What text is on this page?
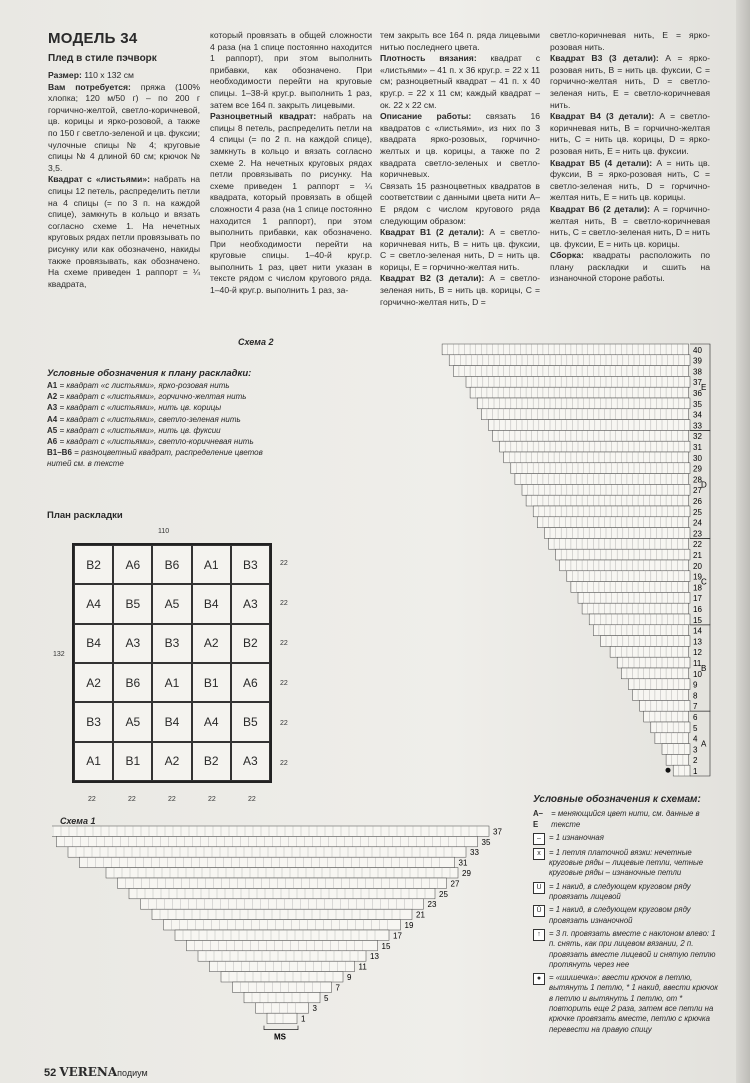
МОДЕЛЬ 34

Плед в стиле пэчворк

Размер: 110 х 132 см

Вам потребуется: пряжа (100% хлопка; 120 м/50 г) – по 200 г горчично-желтой, светло-коричневой, цв. корицы и ярко-розовой, а также по 150 г светло-зеленой и цв. фуксии; чулочные спицы № 4; круговые спицы № 4 длиной 60 см; крючок № 3,5.

Квадрат с «листьями»: набрать на спицы 12 петель, распределить петли на 4 спицы (= по 3 п. на каждой спице), замкнуть в кольцо и вязать согласно схеме 1. На нечетных круговых рядах петли провязывать по рисунку или как обозначено, накиды также провязывать, как обозначено. На схеме приведен 1 раппорт = ¼ квадрата,

который провязать в общей сложности 4 раза (на 1 спице постоянно находится 1 раппорт), при этом выполнить прибавки, как обозначено. При необходимости перейти на круговые спицы. 1–38-й круг.р. выполнить 1 раз, затем все 164 п. закрыть лицевыми.

Разноцветный квадрат: набрать на спицы 8 петель, распределить петли на 4 спицы (= по 2 п. на каждой спице), замкнуть в кольцо и вязать согласно схеме 2. На нечетных круговых рядах петли провязывать по рисунку. На схеме приведен 1 раппорт = ¼ квадрата, который провязать в общей сложности 4 раза (на 1 спице постоянно находится 1 раппорт), при этом выполнить прибавки, как обозначено. При необходимости перейти на круговые спицы. 1–40-й круг.р. выполнить 1 раз, цвет нити указан в тексте рядом с числом кругового ряда. 1–40-й круг.р. выполнить 1 раз, за-

тем закрыть все 164 п. ряда лицевыми нитью последнего цвета.

Плотность вязания: квадрат с «листьями» – 41 п. х 36 круг.р. = 22 х 11 см; разноцветный квадрат – 41 п. х 40 круг.р. = 22 х 11 см; каждый квадрат – ок. 22 х 22 см.

Описание работы: связать 16 квадратов с «листьями», из них по 3 квадрата ярко-розовых, горчично-желтых и цв. корицы, а также по 2 квадрата светло-зеленых и светло-коричневых.

Связать 15 разноцветных квадратов в соответствии с данными цвета нити А–Е рядом с числом кругового ряда следующим образом:

Квадрат В1 (2 детали): А = светло-коричневая нить, В = нить цв. фуксии, С = светло-зеленая нить, D = нить цв. корицы, Е = горчично-желтая нить.

Квадрат В2 (3 детали): А = светло-зеленая нить, В = нить цв. корицы, С = горчично-желтая нить, D =

светло-коричневая нить, Е = ярко-розовая нить.

Квадрат В3 (3 детали): А = ярко-розовая нить, В = нить цв. фуксии, С = горчично-желтая нить, D = светло-зеленая нить, Е = светло-коричневая нить.

Квадрат В4 (3 детали): А = светло-коричневая нить, В = горчично-желтая нить, С = нить цв. корицы, D = ярко-розовая нить, Е = нить цв. фуксии.

Квадрат В5 (4 детали): А = нить цв. фуксии, В = ярко-розовая нить, С = светло-зеленая нить, D = горчично-желтая нить, Е = нить цв. корицы.

Квадрат В6 (2 детали): А = горчично-желтая нить, В = светло-коричневая нить, С = светло-зеленая нить, D = нить цв. фуксии, Е = нить цв. корицы.

Сборка: квадраты расположить по плану раскладки и сшить на изнаночной стороне работы.

Условные обозначения к плану раскладки:
А1 = квадрат «с листьями», ярко-розовая нить
А2 = квадрат с «листьями», горчично-желтая нить
А3 = квадрат с «листьями», нить цв. корицы
А4 = квадрат с «листьями», светло-зеленая нить
А5 = квадрат с «листьями», нить цв. фуксии
А6 = квадрат с «листьями», светло-коричневая нить
В1–В6 = разноцветный квадрат, распределение цветов нитей см. в тексте
План раскладки
110
132
В2	А6	В6	А1	В3
А4	В5	А5	В4	А3
В4	А3	В3	А2	В2
А2	В6	А1	В1	А6
В3	А5	В4	А4	В5
А1	В1	А2	В2	А3
22	22	22	22	22
22
22
22
22
22
22
Схема 2
Схема 1
40
39
38
37
36
35
34
33
32
31
30
29
28
27
26
25
24
23
22
21
20
19
18
17
16
15
14
13
12
11
10
9
8
7
6
5
4
3
2
1
A
B
C
D
E
37
35
33
31
29
27
25
23
21
19
17
15
13
11
9
7
5
3
1
MS
Условные обозначения к схемам:
А–Е
= меняющийся цвет нити, см. данные в тексте
–	= 1 изнаночная
x	= 1 петля платочной вязки: нечетные круговые ряды – лицевые петли, четные круговые ряды – изнаночные петли
U = 1 накид, в следующем круговом ряду провязать лицевой
Ů = 1 накид, в следующем круговом ряду провязать изнаночной
↑	= 3 п. провязать вместе с наклоном влево: 1 п. снять, как при лицевом вязании, 2 п. провязать вместе лицевой и снятую петлю протянуть через нее
●	= «шишечка»: ввести крючок в петлю, вытянуть 1 петлю, * 1 накид, ввести крючок в петлю и вытянуть 1 петлю, от * повторить еще 2 раза, затем все петли на крючке провязать вместе, петлю с крючка перевести на правую спицу
52 VERENAподиум
